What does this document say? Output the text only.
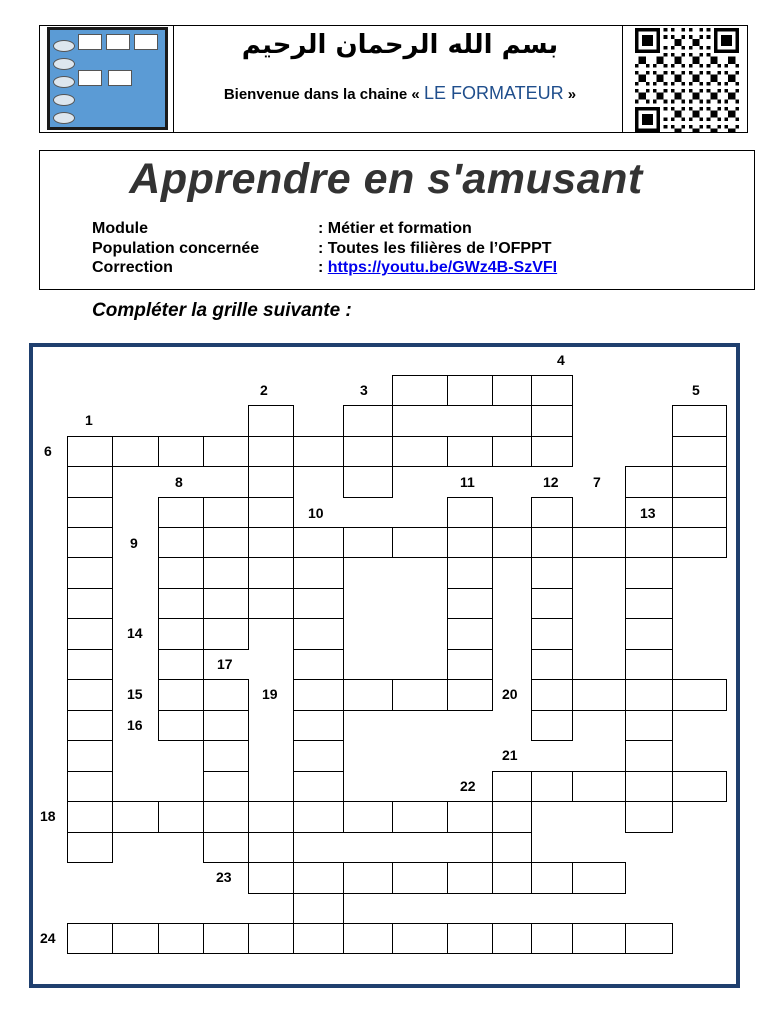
بسم الله الرحمان الرحيم
Bienvenue dans la chaine « LE FORMATEUR »
Apprendre en s'amusant
Module	: Métier et formation
Population concernée	: Toutes les filières de l’OFPPT
Correction	: https://youtu.be/GWz4B-SzVFI
Compléter la grille suivante :
1
2	3
4
5
6
7
8
9
10
11	12
13
14
15
16
17
18
19	20
21
22
23
24
